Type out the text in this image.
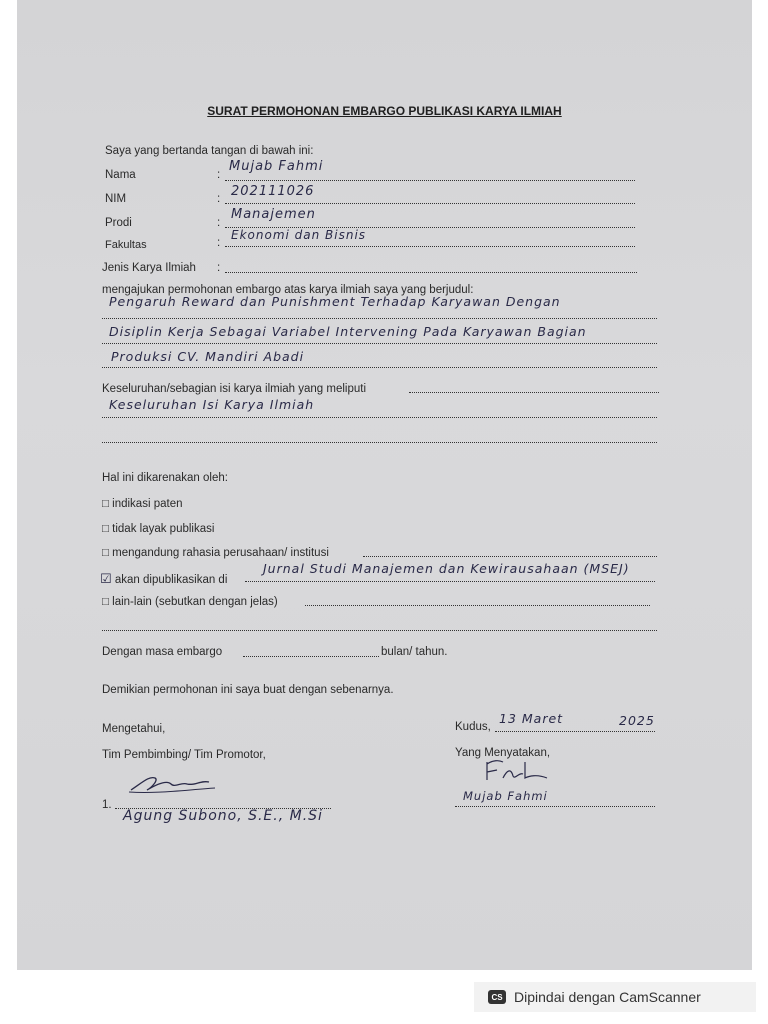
SURAT PERMOHONAN EMBARGO PUBLIKASI KARYA ILMIAH
Saya yang bertanda tangan di bawah ini:
Nama	:
Mujab Fahmi
NIM	: 202111026
Prodi	:
Manajemen
Fakultas	:
Ekonomi dan Bisnis
Jenis Karya Ilmiah :
mengajukan permohonan embargo atas karya ilmiah saya yang berjudul:
Pengaruh Reward dan Punishment Terhadap Karyawan Dengan
Disiplin Kerja Sebagai Variabel Intervening Pada Karyawan Bagian
Produksi CV. Mandiri Abadi
Keseluruhan/sebagian isi karya ilmiah yang meliputi
Keseluruhan Isi Karya Ilmiah
Hal ini dikarenakan oleh:
□ indikasi paten
□ tidak layak publikasi
□ mengandung rahasia perusahaan/ institusi
☑ akan dipublikasikan di
Jurnal Studi Manajemen dan Kewirausahaan (MSEJ)
□ lain-lain (sebutkan dengan jelas)
Dengan masa embargo	bulan/ tahun.
Demikian permohonan ini saya buat dengan sebenarnya.
Mengetahui,
Tim Pembimbing/ Tim Promotor,
1.
Agung Subono, S.E., M.Si
Kudus,
13 Maret	2025
Yang Menyatakan,
Mujab Fahmi
CS Dipindai dengan CamScanner
